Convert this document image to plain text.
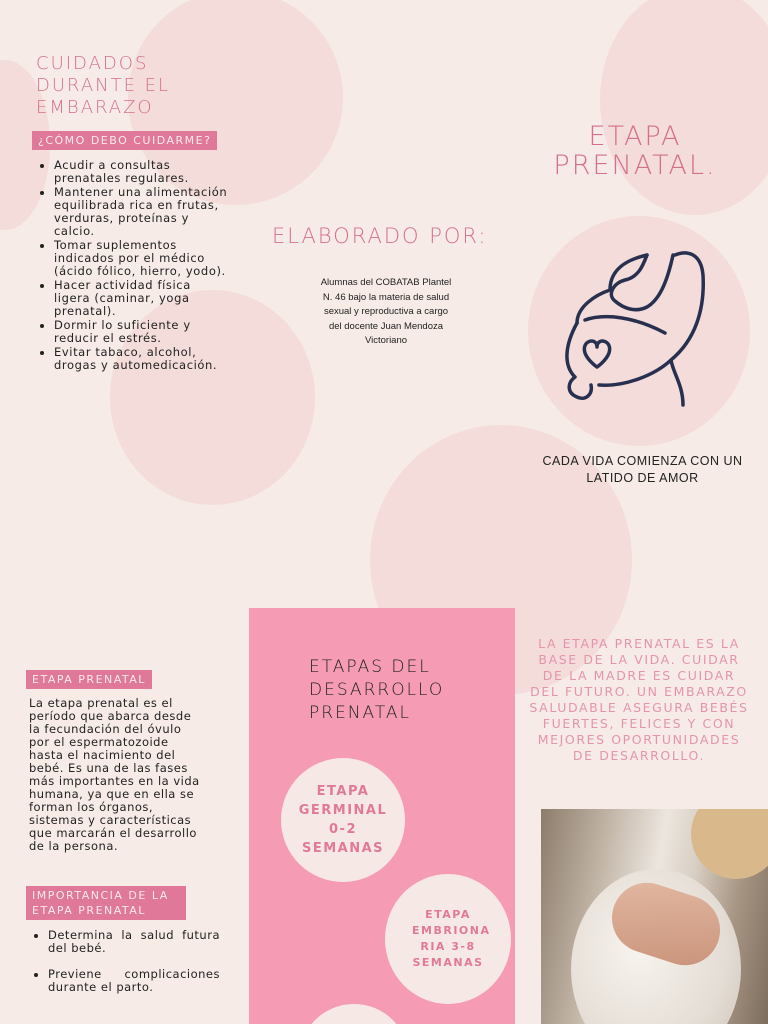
CUIDADOS DURANTE EL EMBARAZO
¿CÓMO DEBO CUIDARME?
• Acudir a consultas prenatales regulares.
• Mantener una alimentación equilibrada rica en frutas, verduras, proteínas y calcio.
• Tomar suplementos indicados por el médico (ácido fólico, hierro, yodo).
• Hacer actividad física ligera (caminar, yoga prenatal).
• Dormir lo suficiente y reducir el estrés.
• Evitar tabaco, alcohol, drogas y automedicación.
ELABORADO POR:
Alumnas del COBATAB Plantel N. 46 bajo la materia de salud sexual y reproductiva a cargo del docente Juan Mendoza Victoriano
ETAPA PRENATAL.
CADA VIDA COMIENZA CON UN LATIDO DE AMOR
ETAPA PRENATAL
La etapa prenatal es el período que abarca desde la fecundación del óvulo por el espermatozoide hasta el nacimiento del bebé. Es una de las fases más importantes en la vida humana, ya que en ella se forman los órganos, sistemas y características que marcarán el desarrollo de la persona.
IMPORTANCIA DE LA ETAPA PRENATAL
• Determina la salud futura del bebé.
• Previene complicaciones durante el parto.
•
ETAPAS DEL DESARROLLO PRENATAL
ETAPA GERMINAL 0-2 SEMANAS
ETAPA EMBRIONA RIA 3-8 SEMANAS
LA ETAPA PRENATAL ES LA BASE DE LA VIDA. CUIDAR DE LA MADRE ES CUIDAR DEL FUTURO. UN EMBARAZO SALUDABLE ASEGURA BEBÉS FUERTES, FELICES Y CON MEJORES OPORTUNIDADES DE DESARROLLO.
